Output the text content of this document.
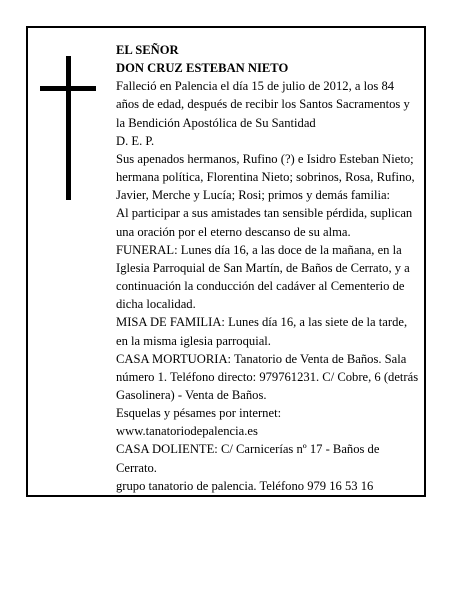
EL SEÑOR

DON CRUZ ESTEBAN NIETO

Falleció en Palencia el día 15 de julio de 2012, a los 84 años de edad, después de recibir los Santos Sacramentos y la Bendición Apostólica de Su Santidad

D. E. P.

Sus apenados hermanos, Rufino (?) e Isidro Esteban Nieto; hermana política, Florentina Nieto; sobrinos, Rosa, Rufino, Javier, Merche y Lucía; Rosi; primos y demás familia:

Al participar a sus amistades tan sensible pérdida, suplican una oración por el eterno descanso de su alma.

FUNERAL: Lunes día 16, a las doce de la mañana, en la Iglesia Parroquial de San Martín, de Baños de Cerrato, y a continuación la conducción del cadáver al Cementerio de dicha localidad.

MISA DE FAMILIA: Lunes día 16, a las siete de la tarde, en la misma iglesia parroquial.

CASA MORTUORIA: Tanatorio de Venta de Baños. Sala número 1. Teléfono directo: 979761231. C/ Cobre, 6 (detrás Gasolinera) - Venta de Baños.

Esquelas y pésames por internet:

www.tanatoriodepalencia.es

CASA DOLIENTE: C/ Carnicerías nº 17 - Baños de Cerrato.

grupo tanatorio de palencia. Teléfono 979 16 53 16
